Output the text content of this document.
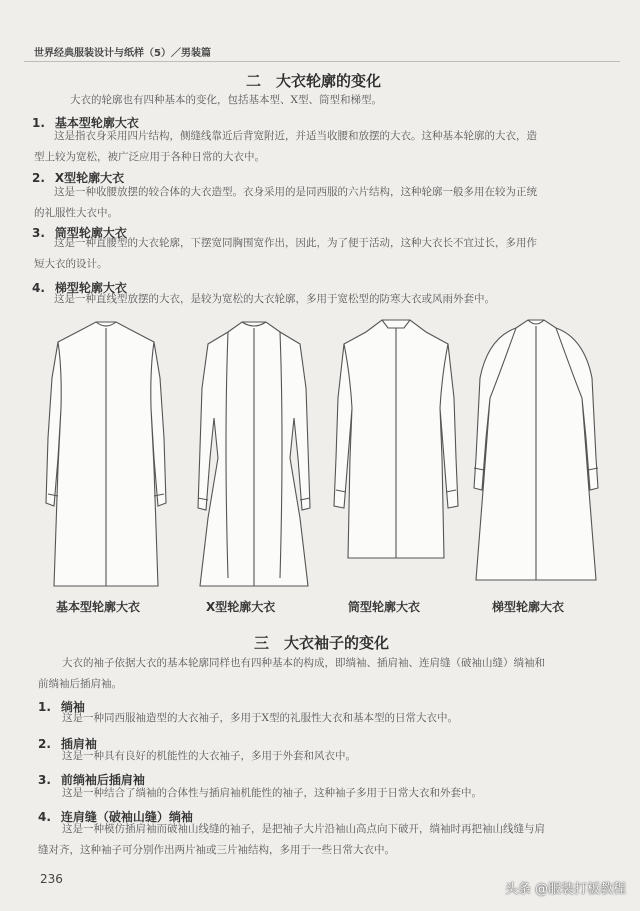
世界经典服装设计与纸样（5）／男装篇
二　大衣轮廓的变化
大衣的轮廓也有四种基本的变化，包括基本型、X型、筒型和梯型。
1. 基本型轮廓大衣
这是指衣身采用四片结构，侧缝线靠近后背宽附近，并适当收腰和放摆的大衣。这种基本轮廓的大衣，造
型上较为宽松，被广泛应用于各种日常的大衣中。
2. X型轮廓大衣
这是一种收腰放摆的较合体的大衣造型。衣身采用的是同西服的六片结构，这种轮廓一般多用在较为正统
的礼服性大衣中。
3. 筒型轮廓大衣
这是一种直腰型的大衣轮廓，下摆宽同胸围宽作出，因此，为了便于活动，这种大衣长不宜过长，多用作
短大衣的设计。
4. 梯型轮廓大衣
这是一种直线型放摆的大衣，是较为宽松的大衣轮廓，多用于宽松型的防寒大衣或风雨外套中。
基本型轮廓大衣	X型轮廓大衣	筒型轮廓大衣	梯型轮廓大衣
三　大衣袖子的变化
大衣的袖子依据大衣的基本轮廓同样也有四种基本的构成，即绱袖、插肩袖、连肩缝（破袖山缝）绱袖和
前绱袖后插肩袖。
1. 绱袖
这是一种同西服袖造型的大衣袖子，多用于X型的礼服性大衣和基本型的日常大衣中。
2. 插肩袖
这是一种具有良好的机能性的大衣袖子，多用于外套和风衣中。
3. 前绱袖后插肩袖
这是一种结合了绱袖的合体性与插肩袖机能性的袖子，这种袖子多用于日常大衣和外套中。
4. 连肩缝（破袖山缝）绱袖
这是一种模仿插肩袖而破袖山线缝的袖子，是把袖子大片沿袖山高点向下破开，绱袖时再把袖山线缝与肩
缝对齐，这种袖子可分别作出两片袖或三片袖结构，多用于一些日常大衣中。
236
头条 @服装打板教程
